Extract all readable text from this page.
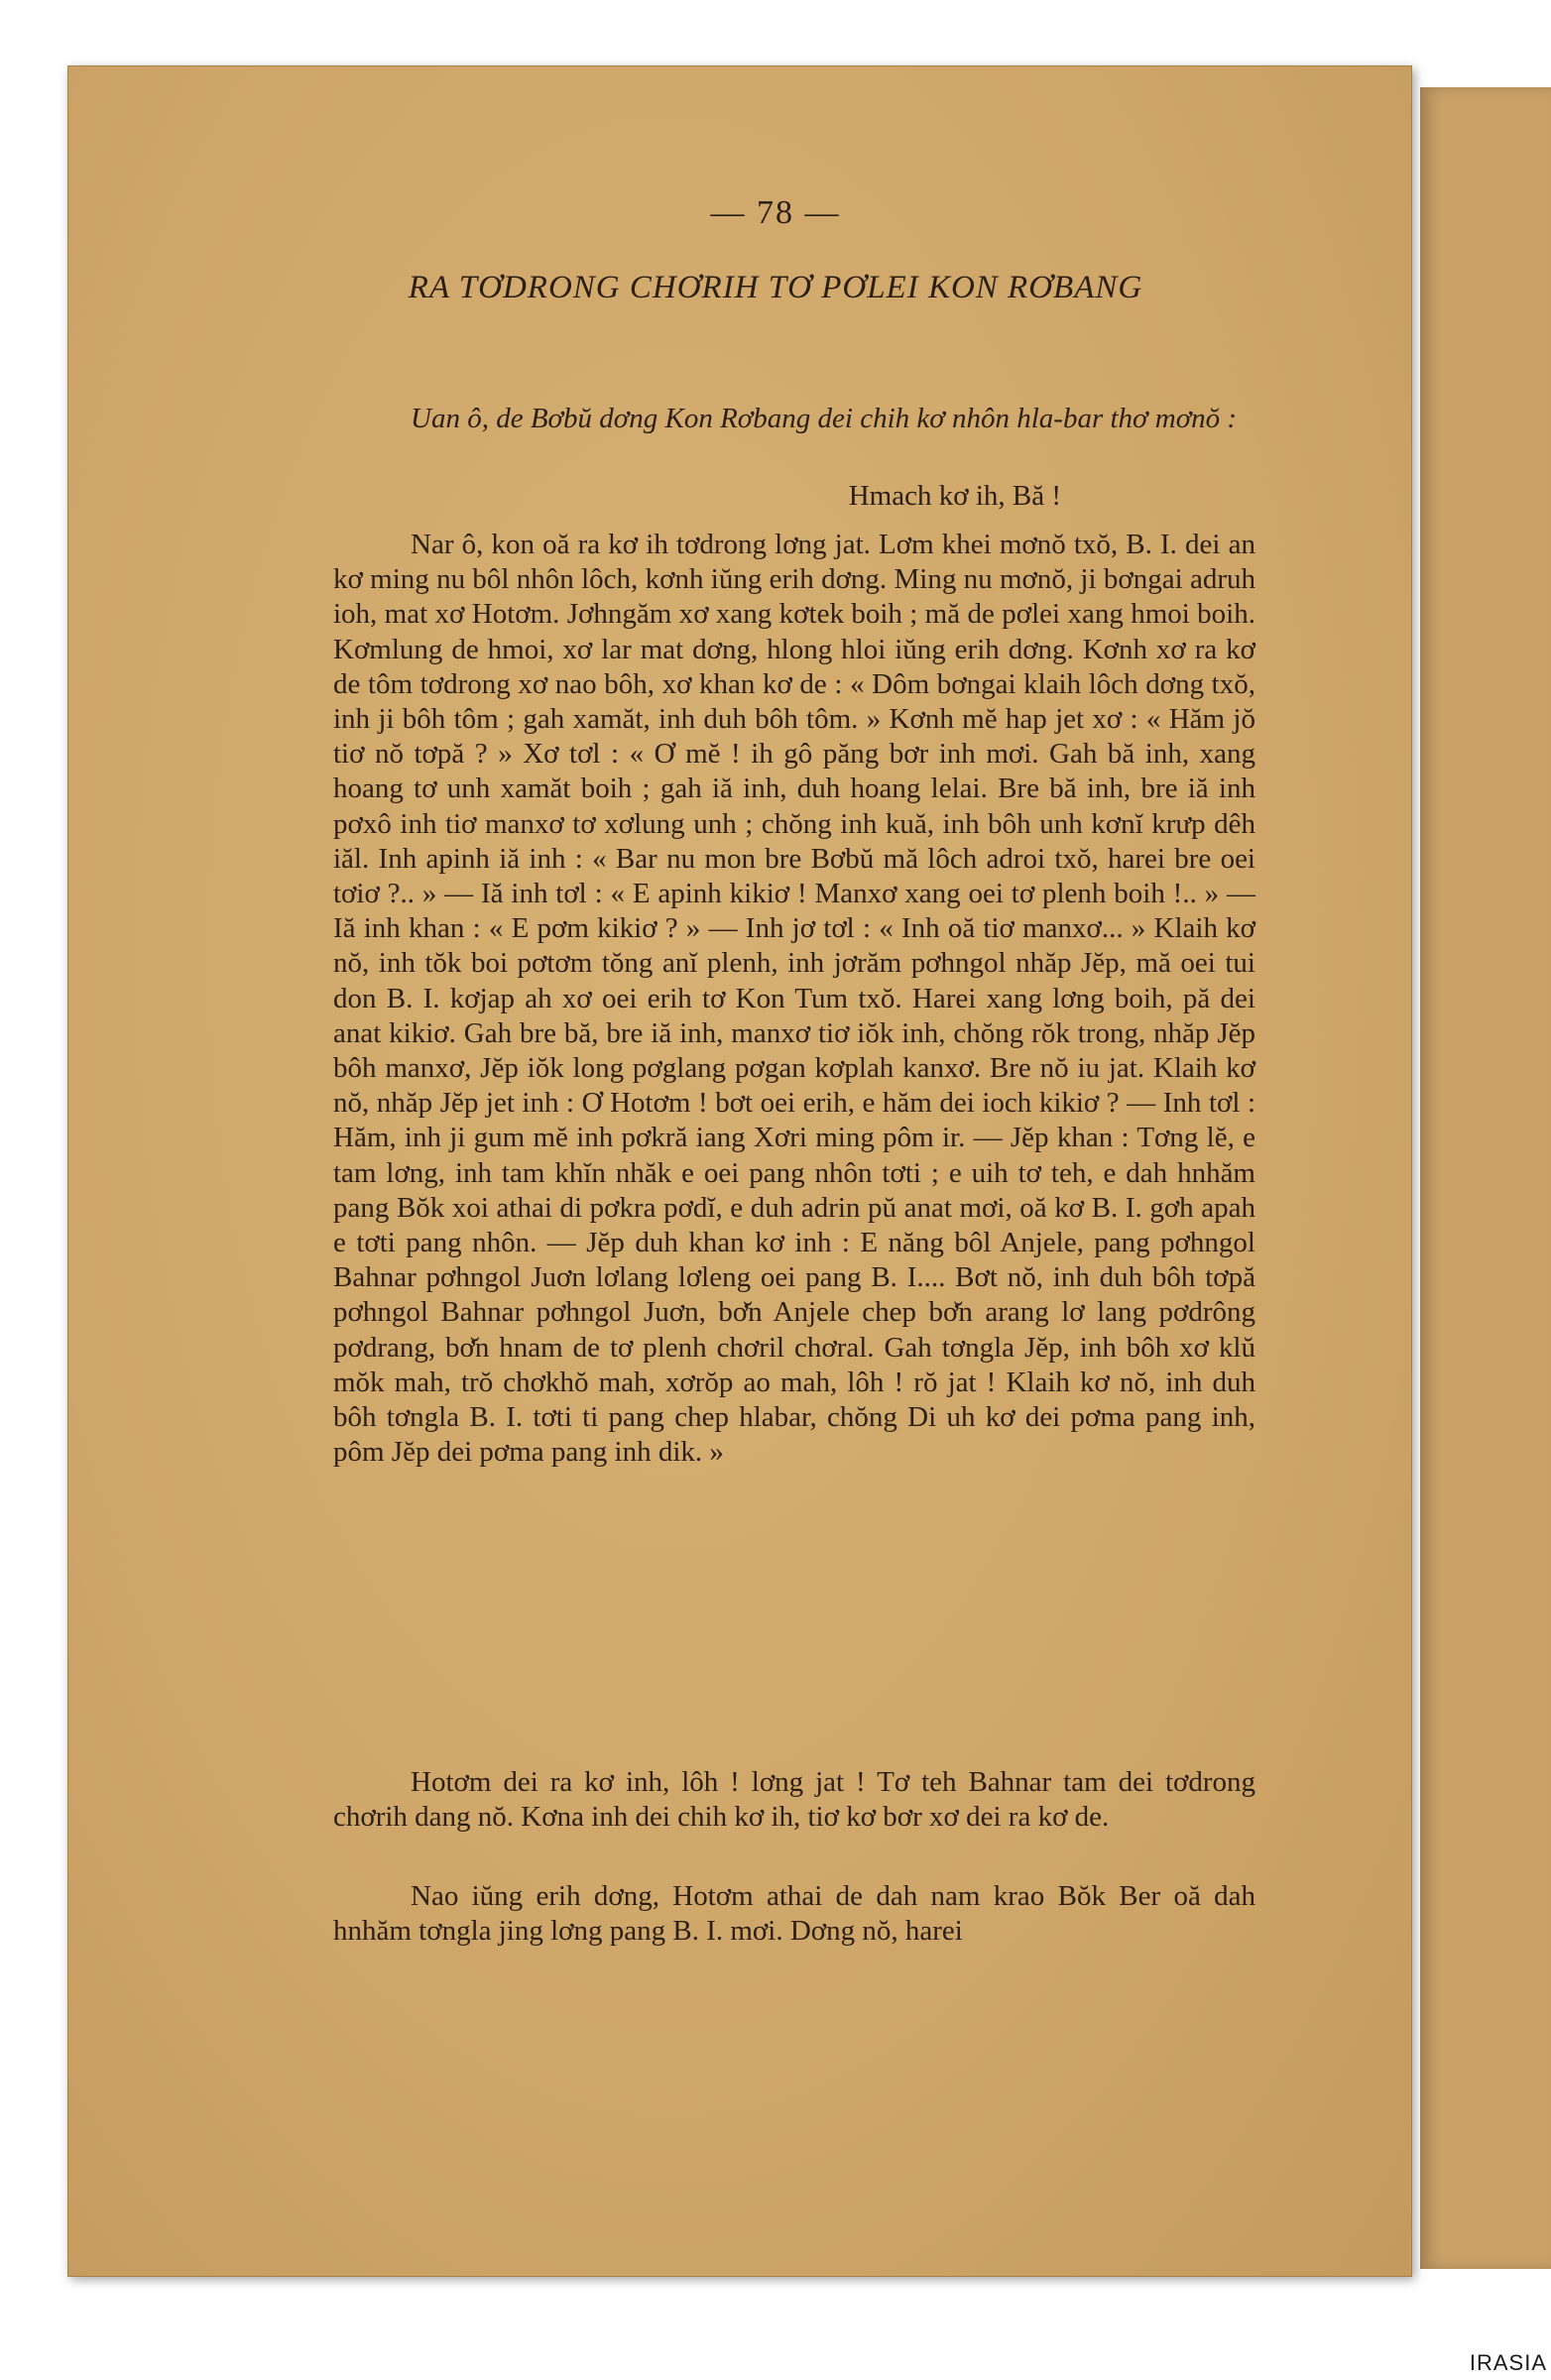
— 78 —
RA TƠDRONG CHƠRIH TƠ PƠLEI KON RƠBANG
Uan ô, de Bơbŭ dơng Kon Rơbang dei chih kơ nhôn hla-bar thơ mơnŏ :
Hmach kơ ih, Bă !

Nar ô, kon oă ra kơ ih tơdrong lơng jat. Lơm khei mơnŏ txŏ, B. I. dei an kơ ming nu bôl nhôn lôch, kơnh iŭng erih dơng. Ming nu mơnŏ, ji bơngai adruh ioh, mat xơ Hotơm. Jơhngăm xơ xang kơtek boih ; mă de pơlei xang hmoi boih. Kơmlung de hmoi, xơ lar mat dơng, hlong hloi iŭng erih dơng. Kơnh xơ ra kơ de tôm tơdrong xơ nao bôh, xơ khan kơ de : « Dôm bơngai klaih lôch dơng txŏ, inh ji bôh tôm ; gah xamăt, inh duh bôh tôm. » Kơnh mĕ hap jet xơ : « Hăm jŏ tiơ nŏ tơpă ? » Xơ tơl : « Ơ mĕ ! ih gô păng bơr inh mơi. Gah bă inh, xang hoang tơ unh xamăt boih ; gah iă inh, duh hoang lelai. Bre bă inh, bre iă inh pơxô inh tiơ manxơ tơ xơlung unh ; chŏng inh kuă, inh bôh unh kơnĭ krưp dêh iăl. Inh apinh iă inh : « Bar nu mon bre Bơbŭ mă lôch adroi txŏ, harei bre oei tơiơ ?.. » — Iă inh tơl : « E apinh kikiơ ! Manxơ xang oei tơ plenh boih !.. » — Iă inh khan : « E pơm kikiơ ? » — Inh jơ tơl : « Inh oă tiơ manxơ... » Klaih kơ nŏ, inh tŏk boi pơtơm tŏng anĭ plenh, inh jơrăm pơhngol nhăp Jĕp, mă oei tui don B. I. kơjap ah xơ oei erih tơ Kon Tum txŏ. Harei xang lơng boih, pă dei anat kikiơ. Gah bre bă, bre iă inh, manxơ tiơ iŏk inh, chŏng rŏk trong, nhăp Jĕp bôh manxơ, Jĕp iŏk long pơglang pơgan kơplah kanxơ. Bre nŏ iu jat. Klaih kơ nŏ, nhăp Jĕp jet inh : Ơ Hotơm ! bơt oei erih, e hăm dei ioch kikiơ ? — Inh tơl : Hăm, inh ji gum mĕ inh pơkră iang Xơri ming pôm ir. — Jĕp khan : Tơng lĕ, e tam lơng, inh tam khĭn nhăk e oei pang nhôn tơti ; e uih tơ teh, e dah hnhăm pang Bŏk xoi athai di pơkra pơdĭ, e duh adrin pŭ anat mơi, oă kơ B. I. gơh apah e tơti pang nhôn. — Jĕp duh khan kơ inh : E năng bôl Anjele, pang pơhngol Bahnar pơhngol Juơn lơlang lơleng oei pang B. I.... Bơt nŏ, inh duh bôh tơpă pơhngol Bahnar pơhngol Juơn, bơ̆n Anjele chep bơ̆n arang lơ lang pơdrông pơdrang, bơ̆n hnam de tơ plenh chơril chơral. Gah tơngla Jĕp, inh bôh xơ klŭ mŏk mah, trŏ chơkhŏ mah, xơrŏp ao mah, lôh ! rŏ jat ! Klaih kơ nŏ, inh duh bôh tơngla B. I. tơti ti pang chep hlabar, chŏng Di uh kơ dei pơma pang inh, pôm Jĕp dei pơma pang inh dik. »

Hotơm dei ra kơ inh, lôh ! lơng jat ! Tơ teh Bahnar tam dei tơdrong chơrih dang nŏ. Kơna inh dei chih kơ ih, tiơ kơ bơr xơ dei ra kơ de.

Nao iŭng erih dơng, Hotơm athai de dah nam krao Bŏk Ber oă dah hnhăm tơngla jing lơng pang B. I. mơi. Dơng nŏ, harei

IRASIA
